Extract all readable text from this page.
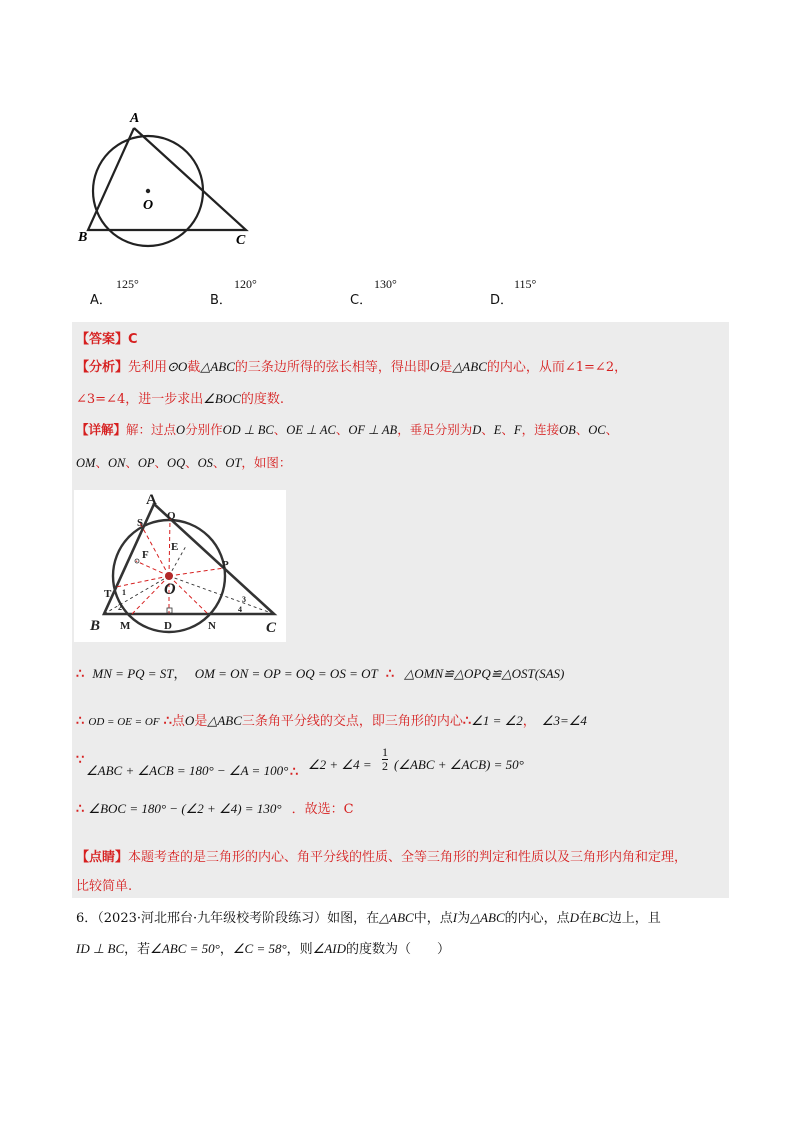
A
O
B	C
A．
125°
B．
120°
C．
130°
D．
115°
【答案】C
【分析】先利用⊙O截△ABC的三条边所得的弦长相等，得出即O是△ABC的内心，从而∠1=∠2，
∠3=∠4，进一步求出∠BOC的度数.
【详解】解：过点O分别作OD ⊥ BC、OE ⊥ AC、OF ⊥ AB，垂足分别为D、E、F，连接OB、OC、
OM、ON、OP、OQ、OS、OT，如图：
A
S
Q
E
F
P
O
T 1
2
3
4
B M	D	N	C
∴ MN = PQ = ST， OM = ON = OP = OQ = OS = OT ∴ △OMN≌△OPQ≌△OST(SAS)
∴ OD = OE = OF ∴点O是△ABC三条角平分线的交点，即三角形的内心∴∠1 = ∠2， ∠3=∠4
∵
∠ABC + ∠ACB = 180° − ∠A = 100° ∴
∠2 + ∠4 = $\frac{1}{2}$ (∠ABC + ∠ACB) = 50°
∴ ∠BOC = 180° − (∠2 + ∠4) = 130° ．故选：C
【点睛】本题考查的是三角形的内心、角平分线的性质、全等三角形的判定和性质以及三角形内角和定理，
比较简单.
6．（2023·河北邢台·九年级校考阶段练习）如图，在△ABC中，点I为△ABC的内心，点D在BC边上，且
ID ⊥ BC，若∠ABC = 50°，∠C = 58°，则∠AID的度数为（　　）
